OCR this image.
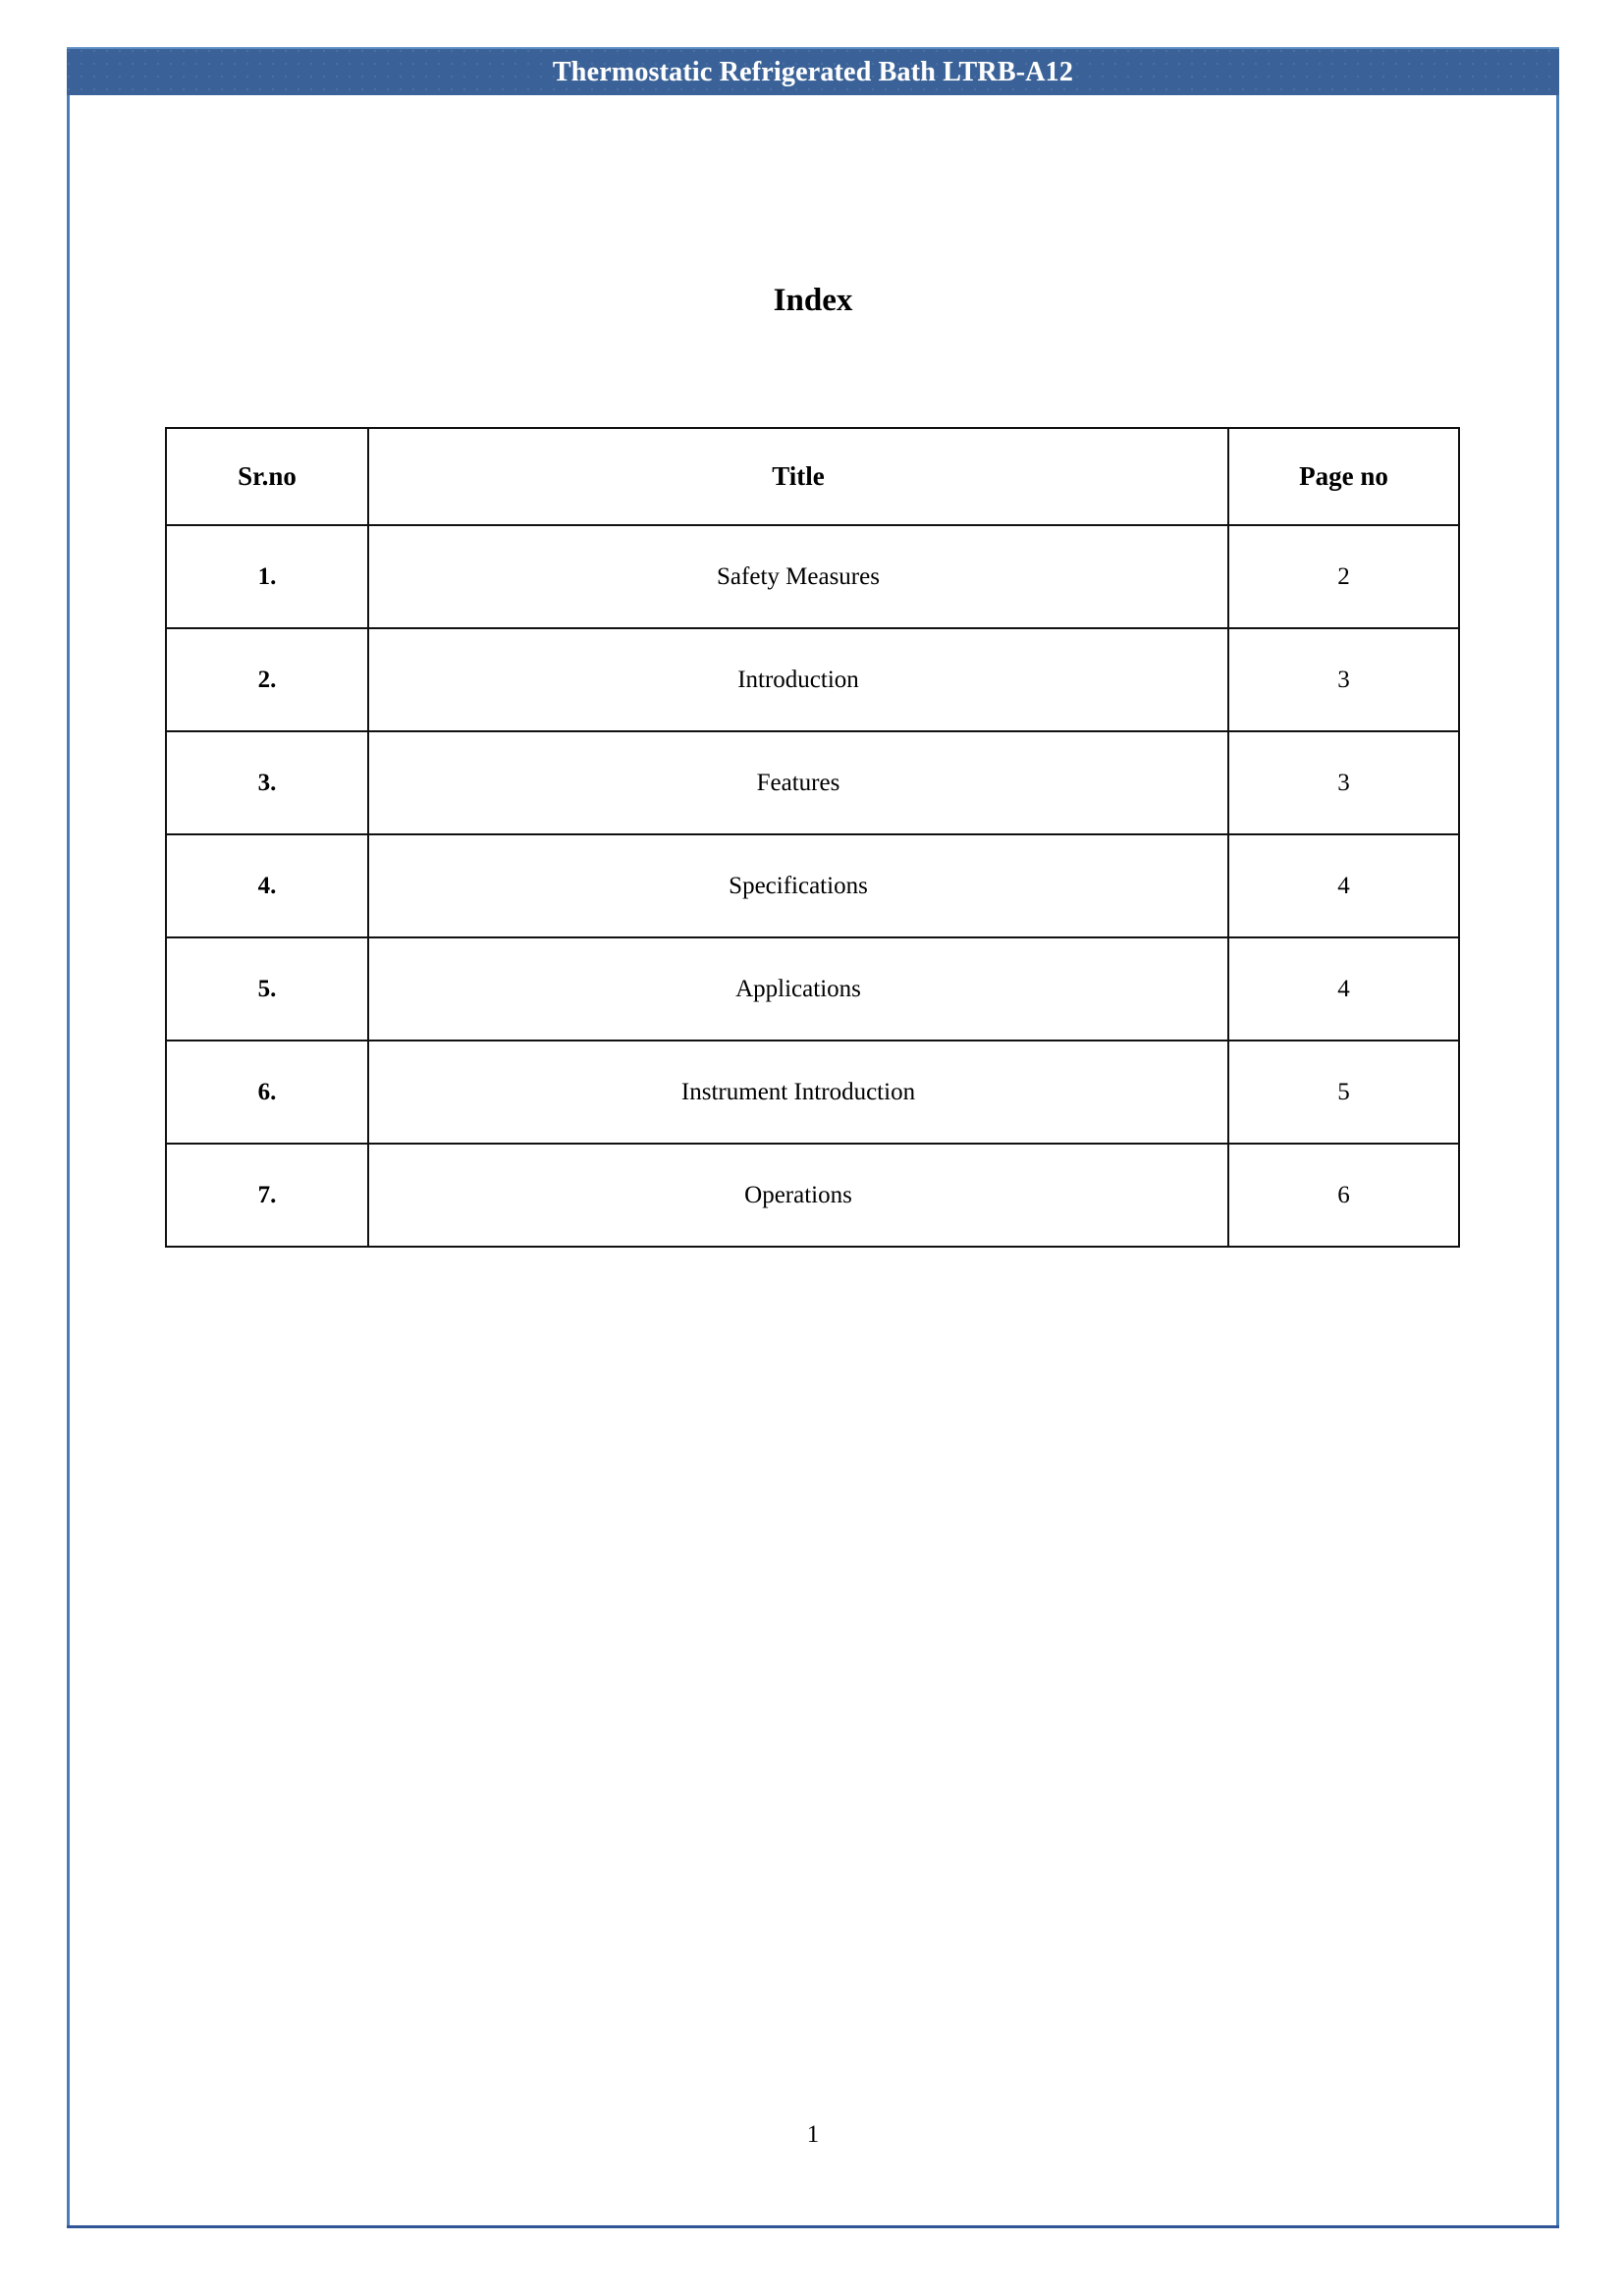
Thermostatic Refrigerated Bath LTRB-A12
Index
Sr.no	Title	Page no
1.	Safety Measures	2
2.	Introduction	3
3.	Features	3
4.	Specifications	4
5.	Applications	4
6.	Instrument Introduction	5
7.	Operations	6
1
